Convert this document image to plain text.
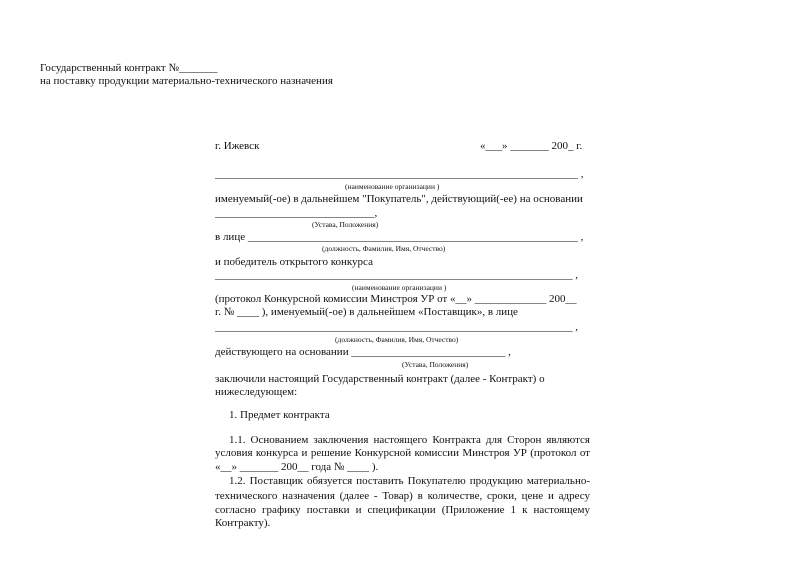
Государственный контракт №_______
на поставку продукции материально-технического назначения
г. Ижевск	«___» _______ 200_ г.
__________________________________________________________________ ,
(наименование организации )
именуемый(-ое) в дальнейшем "Покупатель", действующий(-ее) на основании
_____________________________,
(Устава, Положения)
в лице ____________________________________________________________ ,
(должность, Фамилия, Имя, Отчество)
и победитель открытого конкурса
_________________________________________________________________ ,
(наименование организации )
(протокол Конкурсной комиссии Минстроя УР от «__» _____________ 200__
г. № ____ ), именуемый(-ое) в дальнейшем «Поставщик», в лице
_________________________________________________________________ ,
(должность, Фамилия, Имя, Отчество)
действующего на основании ____________________________ ,
(Устава, Положения)
заключили настоящий Государственный контракт (далее - Контракт) о
нижеследующем:
1. Предмет контракта
1.1. Основанием заключения настоящего Контракта для Сторон являются
условия конкурса и решение Конкурсной комиссии Минстроя УР (протокол от
«__» _______ 200__ года № ____ ).
1.2. Поставщик обязуется поставить Покупателю продукцию материально-
технического назначения (далее - Товар) в количестве, сроки, цене и адресу
согласно графику поставки и спецификации (Приложение 1 к настоящему
Контракту).
